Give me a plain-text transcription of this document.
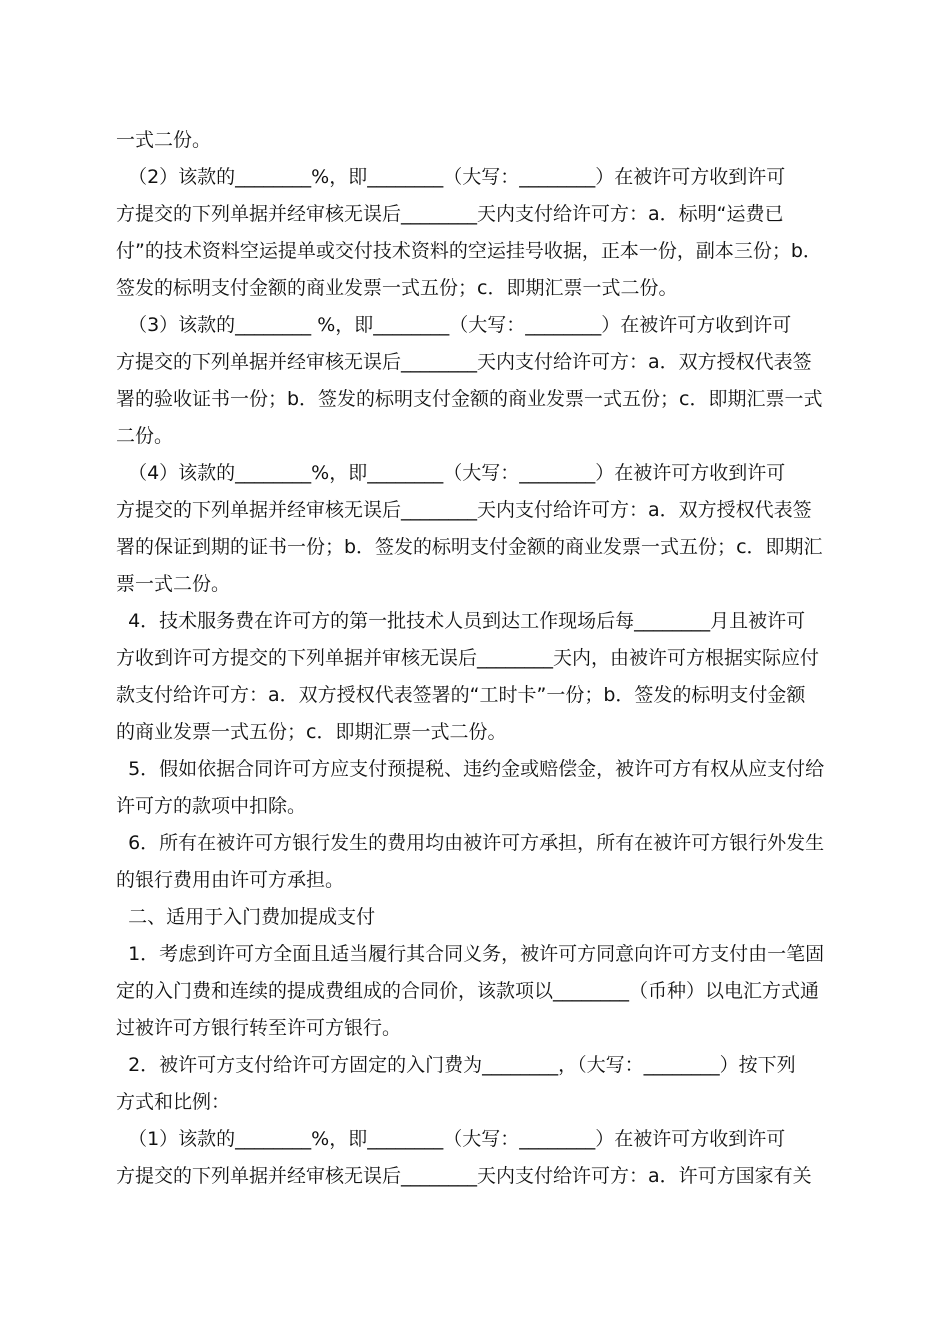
一式二份。
（2）该款的________%，即________（大写：________）在被许可方收到许可
方提交的下列单据并经审核无误后________天内支付给许可方：a．标明“运费已
付”的技术资料空运提单或交付技术资料的空运挂号收据，正本一份，副本三份；b．
签发的标明支付金额的商业发票一式五份；c．即期汇票一式二份。
（3）该款的________ %，即________（大写：________）在被许可方收到许可
方提交的下列单据并经审核无误后________天内支付给许可方：a．双方授权代表签
署的验收证书一份；b．签发的标明支付金额的商业发票一式五份；c．即期汇票一式
二份。
（4）该款的________%，即________（大写：________）在被许可方收到许可
方提交的下列单据并经审核无误后________天内支付给许可方：a．双方授权代表签
署的保证到期的证书一份；b．签发的标明支付金额的商业发票一式五份；c．即期汇
票一式二份。
4．技术服务费在许可方的第一批技术人员到达工作现场后每________月且被许可
方收到许可方提交的下列单据并审核无误后________天内，由被许可方根据实际应付
款支付给许可方：a．双方授权代表签署的“工时卡”一份；b．签发的标明支付金额
的商业发票一式五份；c．即期汇票一式二份。
5．假如依据合同许可方应支付预提税、违约金或赔偿金，被许可方有权从应支付给
许可方的款项中扣除。
6．所有在被许可方银行发生的费用均由被许可方承担，所有在被许可方银行外发生
的银行费用由许可方承担。
二、适用于入门费加提成支付
1．考虑到许可方全面且适当履行其合同义务，被许可方同意向许可方支付由一笔固
定的入门费和连续的提成费组成的合同价，该款项以________（币种）以电汇方式通
过被许可方银行转至许可方银行。
2．被许可方支付给许可方固定的入门费为________，（大写：________）按下列
方式和比例：
（1）该款的________%，即________（大写：________）在被许可方收到许可
方提交的下列单据并经审核无误后________天内支付给许可方：a．许可方国家有关
